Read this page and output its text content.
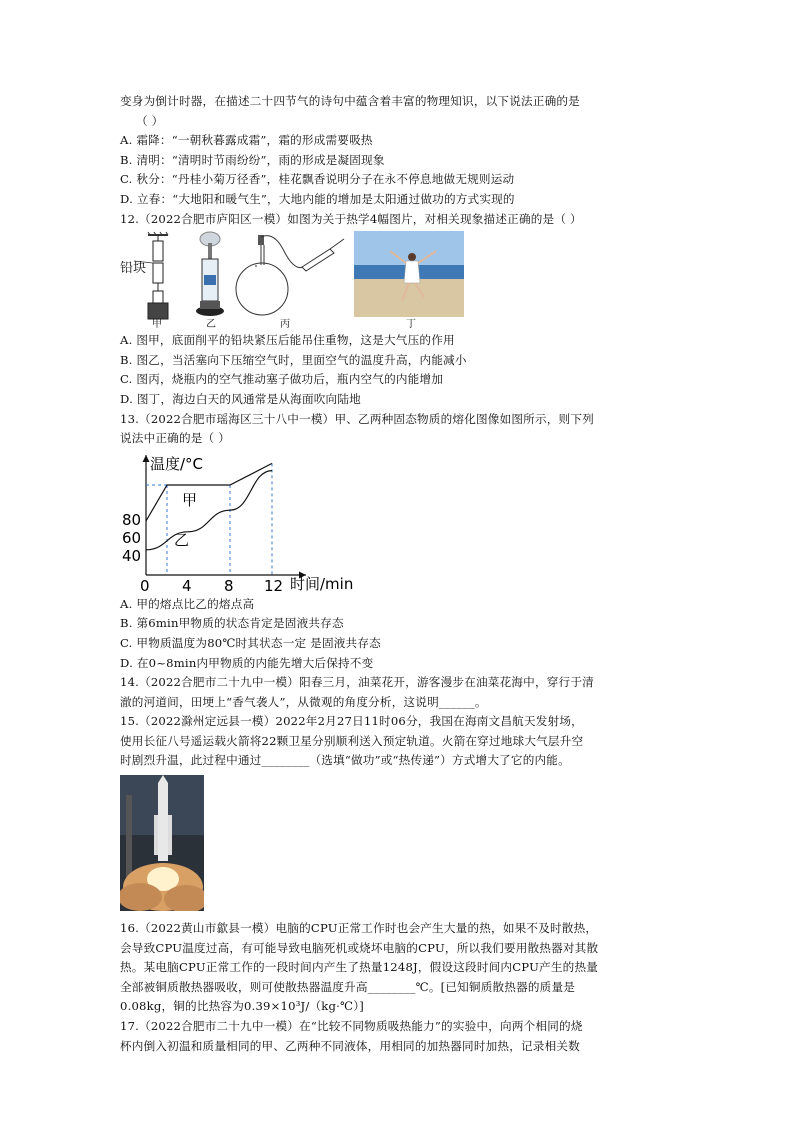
变身为倒计时器，在描述二十四节气的诗句中蕴含着丰富的物理知识，以下说法正确的是
（ ）
A. 霜降：“一朝秋暮露成霜”，霜的形成需要吸热
B. 清明：“清明时节雨纷纷”，雨的形成是凝固现象
C. 秋分：“丹桂小菊万径香”，桂花飘香说明分子在永不停息地做无规则运动
D. 立春：“大地阳和暖气生”，大地内能的增加是太阳通过做功的方式实现的
12.（2022合肥市庐阳区一模）如图为关于热学4幅图片，对相关现象描述正确的是（ ）
铅块
甲	乙	丙	丁
A. 图甲，底面削平的铅块紧压后能吊住重物，这是大气压的作用
B. 图乙，当活塞向下压缩空气时，里面空气的温度升高，内能减小
C. 图丙，烧瓶内的空气推动塞子做功后，瓶内空气的内能增加
D. 图丁，海边白天的风通常是从海面吹向陆地
13.（2022合肥市瑶海区三十八中一模）甲、乙两种固态物质的熔化图像如图所示，则下列
说法中正确的是（ ）
温度/°C
时间/min
0 4 8 12
40
60
80
甲
乙
A. 甲的熔点比乙的熔点高
B. 第6min甲物质的状态肯定是固液共存态
C. 甲物质温度为80℃时其状态一定 是固液共存态
D. 在0~8min内甲物质的内能先增大后保持不变
14.（2022合肥市二十九中一模）阳春三月，油菜花开，游客漫步在油菜花海中，穿行于清
澈的河道间，田埂上“香气袭人”，从微观的角度分析，这说明______。
15.（2022滁州定远县一模）2022年2月27日11时06分，我国在海南文昌航天发射场，
使用长征八号遥运载火箭将22颗卫星分别顺利送入预定轨道。火箭在穿过地球大气层升空
时剧烈升温，此过程中通过________（选填“做功”或“热传递”）方式增大了它的内能。
16.（2022黄山市歙县一模）电脑的CPU正常工作时也会产生大量的热，如果不及时散热，
会导致CPU温度过高，有可能导致电脑死机或烧坏电脑的CPU，所以我们要用散热器对其散
热。某电脑CPU正常工作的一段时间内产生了热量1248J，假设这段时间内CPU产生的热量
全部被铜质散热器吸收，则可使散热器温度升高________℃。[已知铜质散热器的质量是
0.08kg，铜的比热容为0.39×10³J/（kg·℃）]
17.（2022合肥市二十九中一模）在“比较不同物质吸热能力”的实验中，向两个相同的烧
杯内倒入初温和质量相同的甲、乙两种不同液体，用相同的加热器同时加热，记录相关数
